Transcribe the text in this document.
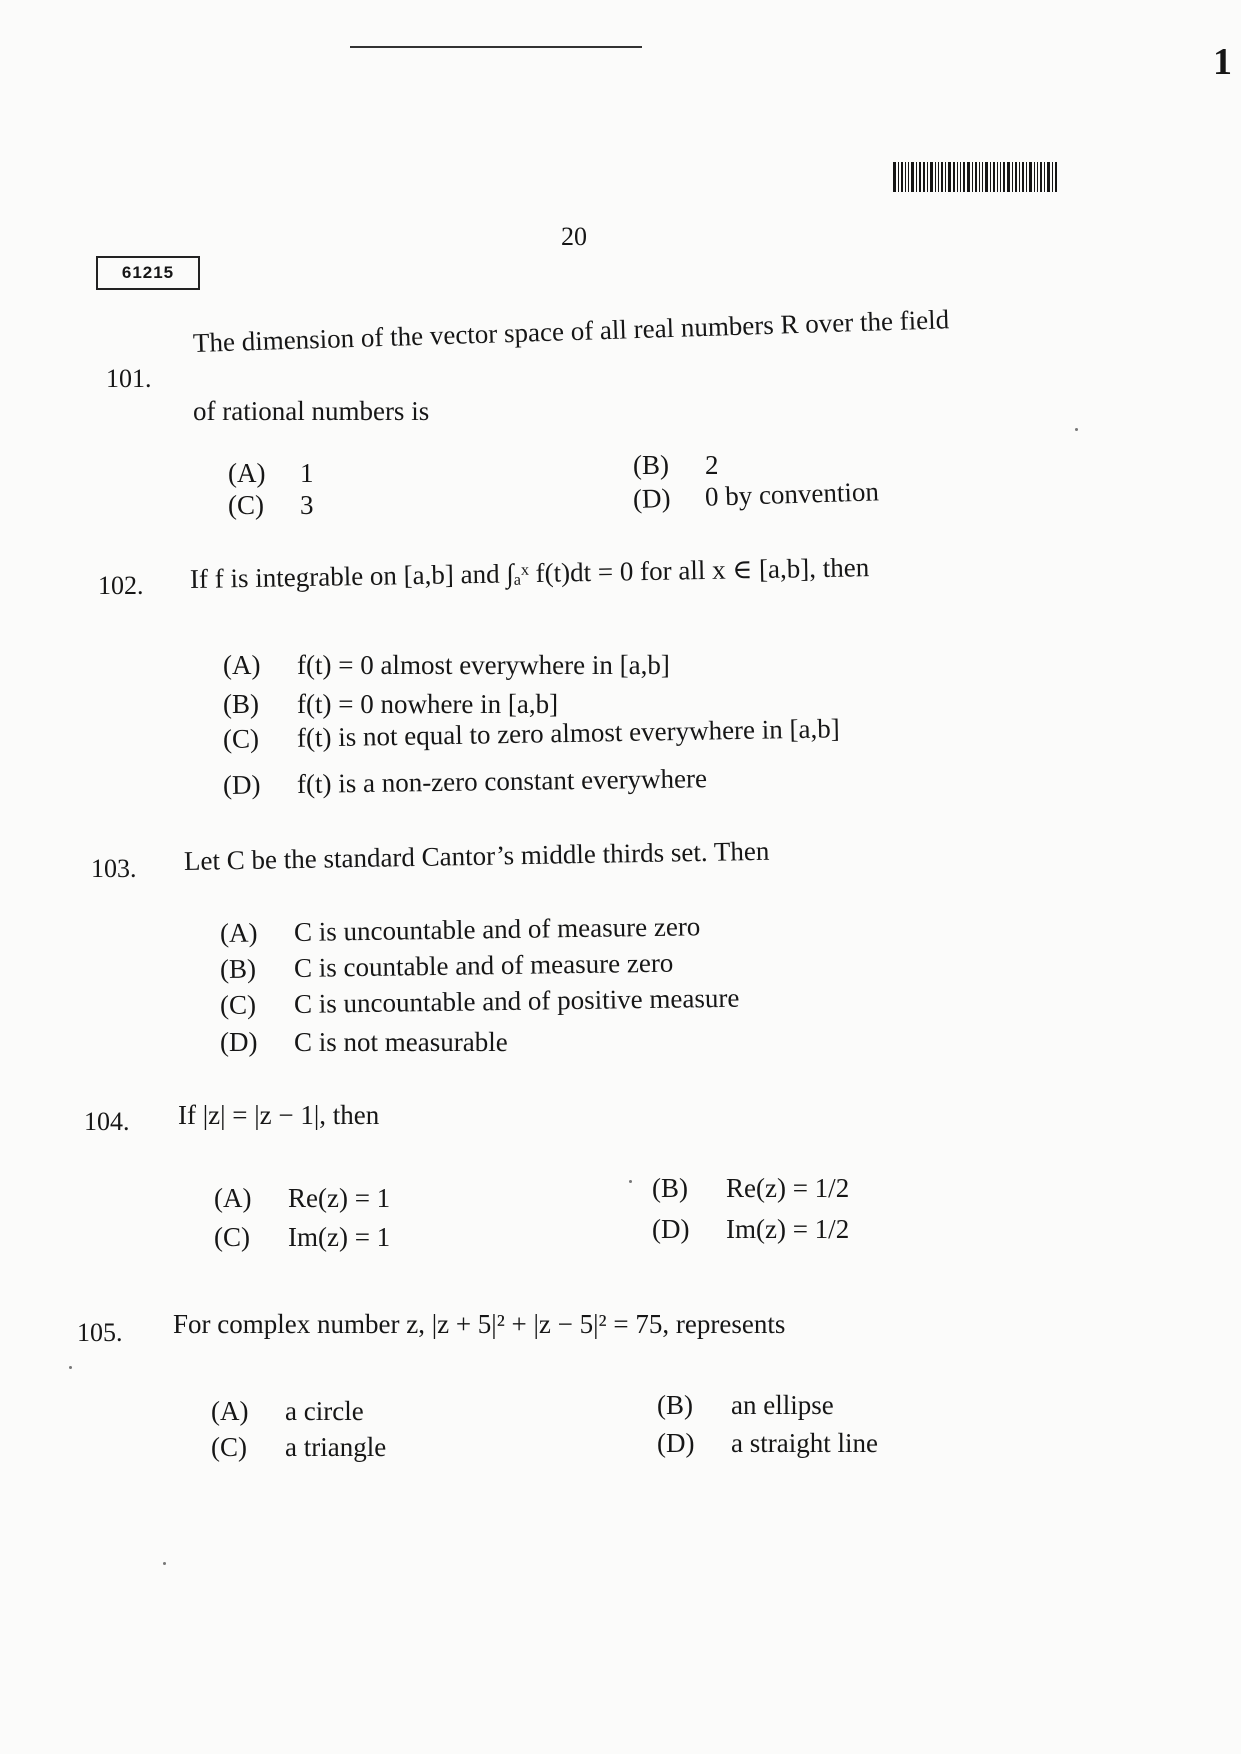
1
20
61215
101.
The dimension of the vector space of all real numbers R over the field
of rational numbers is
(A) 1	(B) 2
(C) 3	(D) 0 by convention
102. If f is integrable on [a,b] and ∫ₐˣ f(t)dt = 0 for all x ∈ [a,b], then
(A) f(t) = 0 almost everywhere in [a,b]
(B) f(t) = 0 nowhere in [a,b]
(C) f(t) is not equal to zero almost everywhere in [a,b]
(D) f(t) is a non-zero constant everywhere
103. Let C be the standard Cantor’s middle thirds set. Then
(A) C is uncountable and of measure zero
(B) C is countable and of measure zero
(C) C is uncountable and of positive measure
(D) C is not measurable
104. If |z| = |z − 1|, then
(A) Re(z) = 1	(B) Re(z) = 1/2
(C) Im(z) = 1	(D) Im(z) = 1/2
105. For complex number z, |z + 5|² + |z − 5|² = 75, represents
(A) a circle	(B) an ellipse
(C) a triangle	(D) a straight line
